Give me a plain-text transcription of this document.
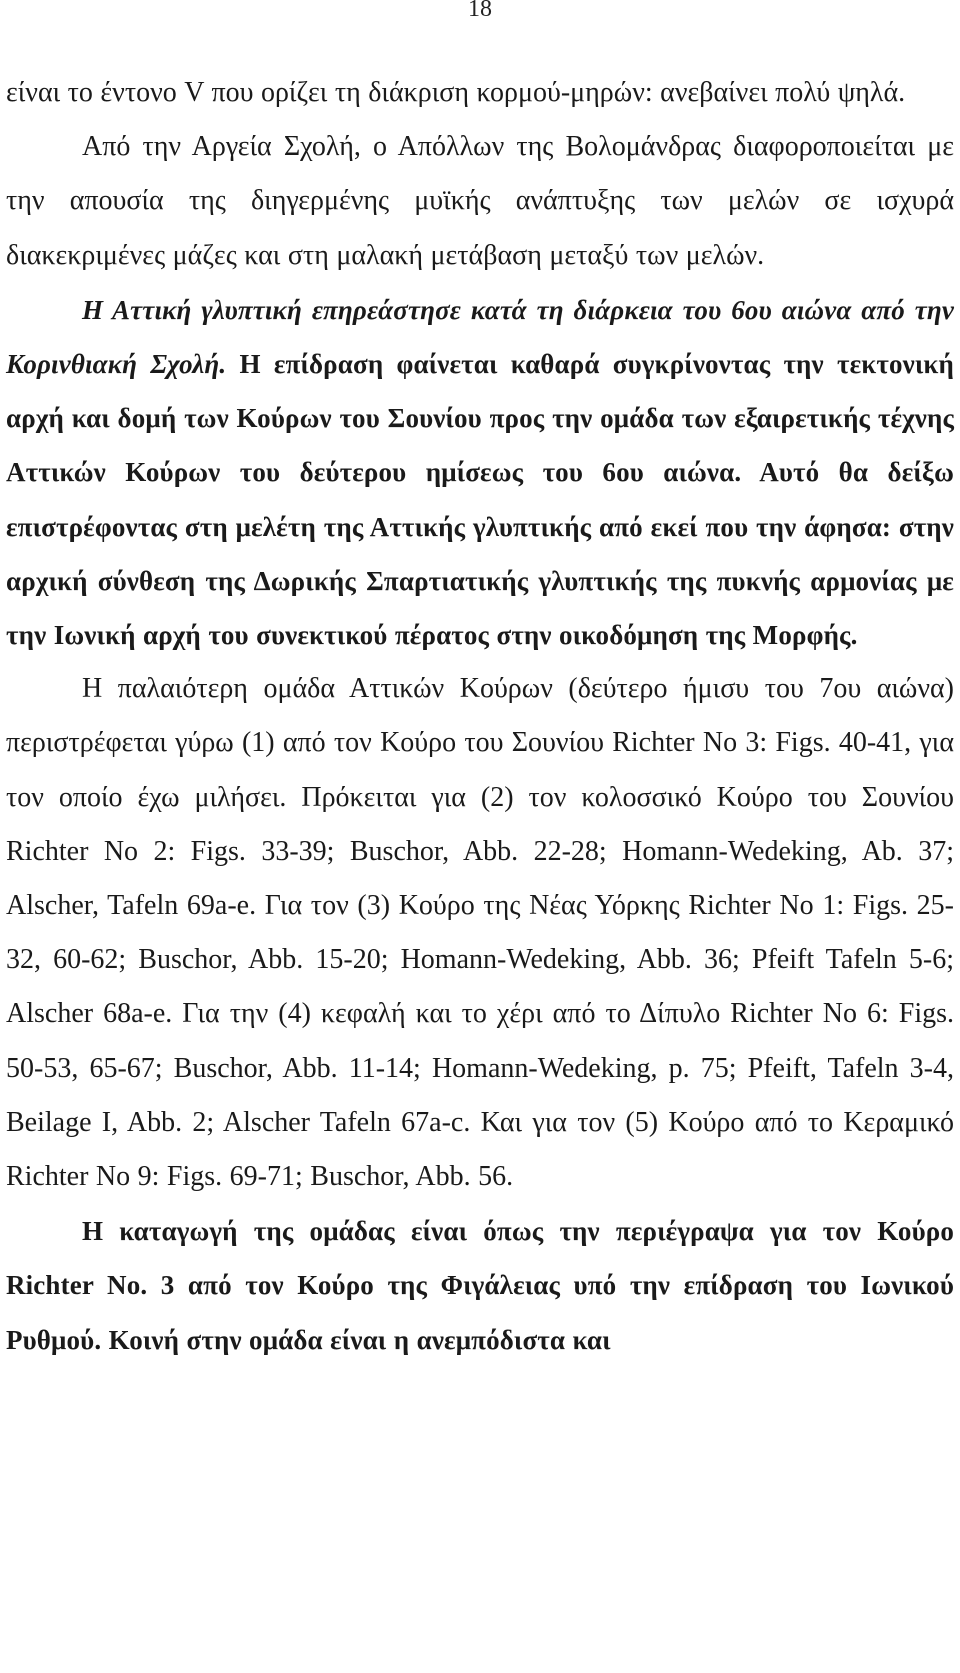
18

είναι το έντονο V που ορίζει τη διάκριση κορμού-μηρών: ανεβαίνει πολύ ψηλά.

Από την Αργεία Σχολή, ο Απόλλων της Βολομάνδρας διαφοροποιείται με την απουσία της διηγερμένης μυϊκής ανάπτυξης των μελών σε ισχυρά διακεκριμένες μάζες και στη μαλακή μετάβαση μεταξύ των μελών.

Η Αττική γλυπτική επηρεάστησε κατά τη διάρκεια του 6ου αιώνα από την Κορινθιακή Σχολή. Η επίδραση φαίνεται καθαρά συγκρίνοντας την τεκτονική αρχή και δομή των Κούρων του Σουνίου προς την ομάδα των εξαιρετικής τέχνης Αττικών Κούρων του δεύτερου ημίσεως του 6ου αιώνα. Αυτό θα δείξω επιστρέφοντας στη μελέτη της Αττικής γλυπτικής από εκεί που την άφησα: στην αρχική σύνθεση της Δωρικής Σπαρτιατικής γλυπτικής της πυκνής αρμονίας με την Ιωνική αρχή του συνεκτικού πέρατος στην οικοδόμηση της Μορφής.

Η παλαιότερη ομάδα Αττικών Κούρων (δεύτερο ήμισυ του 7ου αιώνα) περιστρέφεται γύρω (1) από τον Κούρο του Σουνίου Richter No 3: Figs. 40-41, για τον οποίο έχω μιλήσει. Πρόκειται για (2) τον κολοσσικό Κούρο του Σουνίου Richter No 2: Figs. 33-39; Buschor, Abb. 22-28; Homann-Wedeking, Ab. 37; Alscher, Tafeln 69a-e. Για τον (3) Κούρο της Νέας Υόρκης Richter No 1: Figs. 25-32, 60-62; Buschor, Abb. 15-20; Homann-Wedeking, Abb. 36; Pfeift Tafeln 5-6; Alscher 68a-e. Για την (4) κεφαλή και το χέρι από το Δίπυλο Richter No 6: Figs. 50-53, 65-67; Buschor, Abb. 11-14; Homann-Wedeking, p. 75; Pfeift, Tafeln 3-4, Beilage I, Abb. 2; Alscher Tafeln 67a-c. Και για τον (5) Κούρο από το Κεραμικό Richter No 9: Figs. 69-71; Buschor, Abb. 56.

Η καταγωγή της ομάδας είναι όπως την περιέγραψα για τον Κούρο Richter No. 3 από τον Κούρο της Φιγάλειας υπό την επίδραση του Ιωνικού Ρυθμού. Κοινή στην ομάδα είναι η ανεμπόδιστα και
